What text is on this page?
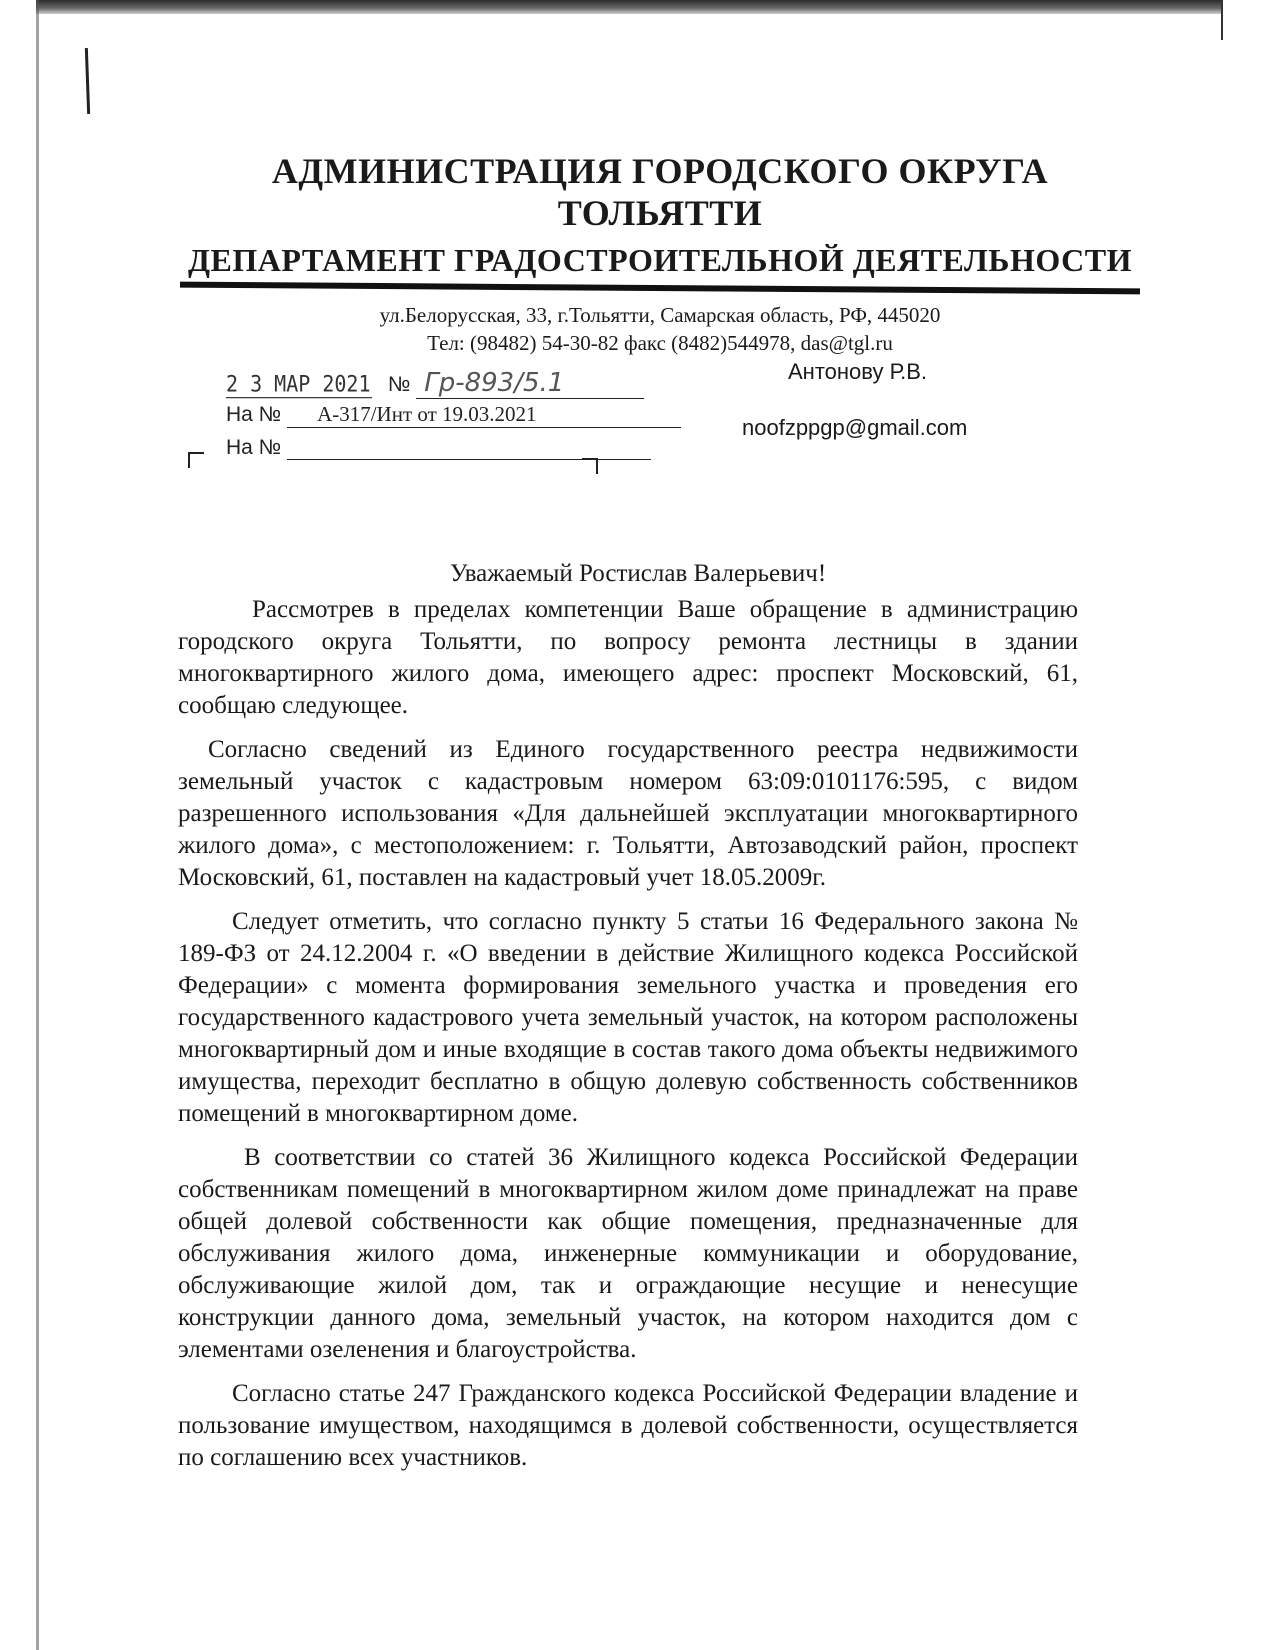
АДМИНИСТРАЦИЯ ГОРОДСКОГО ОКРУГА ТОЛЬЯТТИ
ДЕПАРТАМЕНТ ГРАДОСТРОИТЕЛЬНОЙ ДЕЯТЕЛЬНОСТИ
ул.Белорусская, 33, г.Тольятти, Самарская область, РФ, 445020
Тел: (98482) 54-30-82 факс (8482)544978, das@tgl.ru
2 3 МАР 2021 № Гр-893/5.1
На № А-317/Инт от 19.03.2021
На №
Антонову Р.В.
noofzppgp@gmail.com
Уважаемый Ростислав Валерьевич!

Рассмотрев в пределах компетенции Ваше обращение в администрацию городского округа Тольятти, по вопросу ремонта лестницы в здании многоквартирного жилого дома, имеющего адрес: проспект Московский, 61, сообщаю следующее.

Согласно сведений из Единого государственного реестра недвижимости земельный участок с кадастровым номером 63:09:0101176:595, с видом разрешенного использования «Для дальнейшей эксплуатации многоквартирного жилого дома», с местоположением: г. Тольятти, Автозаводский район, проспект Московский, 61, поставлен на кадастровый учет 18.05.2009г.

Следует отметить, что согласно пункту 5 статьи 16 Федерального закона № 189-ФЗ от 24.12.2004 г. «О введении в действие Жилищного кодекса Российской Федерации» с момента формирования земельного участка и проведения его государственного кадастрового учета земельный участок, на котором расположены многоквартирный дом и иные входящие в состав такого дома объекты недвижимого имущества, переходит бесплатно в общую долевую собственность собственников помещений в многоквартирном доме.

В соответствии со статей 36 Жилищного кодекса Российской Федерации собственникам помещений в многоквартирном жилом доме принадлежат на праве общей долевой собственности как общие помещения, предназначенные для обслуживания жилого дома, инженерные коммуникации и оборудование, обслуживающие жилой дом, так и ограждающие несущие и ненесущие конструкции данного дома, земельный участок, на котором находится дом с элементами озеленения и благоустройства.

Согласно статье 247 Гражданского кодекса Российской Федерации владение и пользование имуществом, находящимся в долевой собственности, осуществляется по соглашению всех участников.
